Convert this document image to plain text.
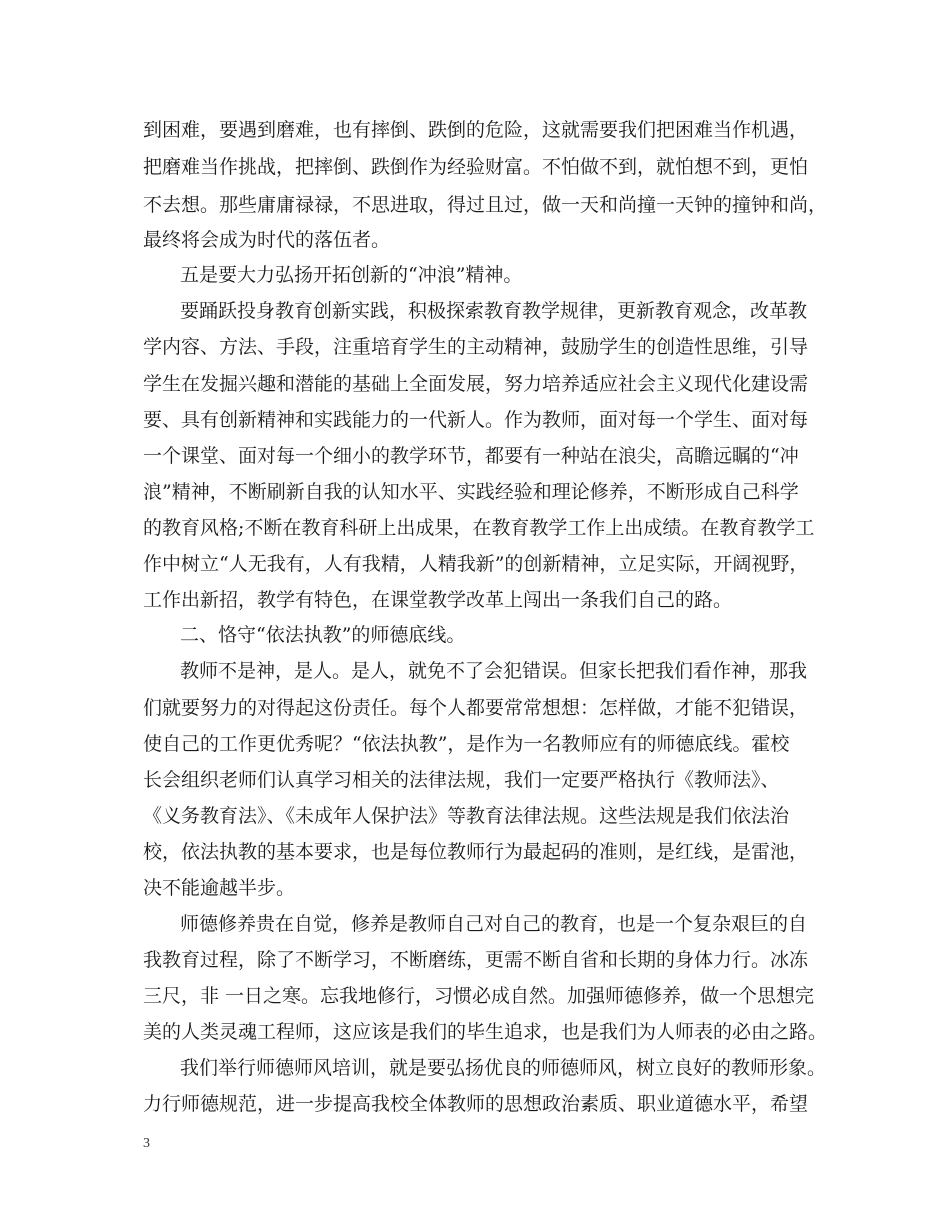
到困难，要遇到磨难，也有摔倒、跌倒的危险，这就需要我们把困难当作机遇，
把磨难当作挑战，把摔倒、跌倒作为经验财富。不怕做不到，就怕想不到，更怕
不去想。那些庸庸禄禄，不思进取，得过且过，做一天和尚撞一天钟的撞钟和尚，
最终将会成为时代的落伍者。
五是要大力弘扬开拓创新的“冲浪”精神。
要踊跃投身教育创新实践，积极探索教育教学规律，更新教育观念，改革教
学内容、方法、手段，注重培育学生的主动精神，鼓励学生的创造性思维，引导
学生在发掘兴趣和潜能的基础上全面发展，努力培养适应社会主义现代化建设需
要、具有创新精神和实践能力的一代新人。作为教师，面对每一个学生、面对每
一个课堂、面对每一个细小的教学环节，都要有一种站在浪尖，高瞻远瞩的“冲
浪”精神，不断刷新自我的认知水平、实践经验和理论修养，不断形成自己科学
的教育风格;不断在教育科研上出成果，在教育教学工作上出成绩。在教育教学工
作中树立“人无我有，人有我精，人精我新”的创新精神，立足实际，开阔视野，
工作出新招，教学有特色，在课堂教学改革上闯出一条我们自己的路。
二、恪守“依法执教”的师德底线。
教师不是神，是人。是人，就免不了会犯错误。但家长把我们看作神，那我
们就要努力的对得起这份责任。每个人都要常常想想：怎样做，才能不犯错误，
使自己的工作更优秀呢？“依法执教”，是作为一名教师应有的师德底线。霍校
长会组织老师们认真学习相关的法律法规，我们一定要严格执行《教师法》、
《义务教育法》、《未成年人保护法》等教育法律法规。这些法规是我们依法治
校，依法执教的基本要求，也是每位教师行为最起码的准则，是红线，是雷池，
决不能逾越半步。
师德修养贵在自觉，修养是教师自己对自己的教育，也是一个复杂艰巨的自
我教育过程，除了不断学习，不断磨练，更需不断自省和长期的身体力行。冰冻
三尺，非 一日之寒。忘我地修行，习惯必成自然。加强师德修养，做一个思想完
美的人类灵魂工程师，这应该是我们的毕生追求，也是我们为人师表的必由之路。
我们举行师德师风培训，就是要弘扬优良的师德师风，树立良好的教师形象。
力行师德规范，进一步提高我校全体教师的思想政治素质、职业道德水平，希望
3
